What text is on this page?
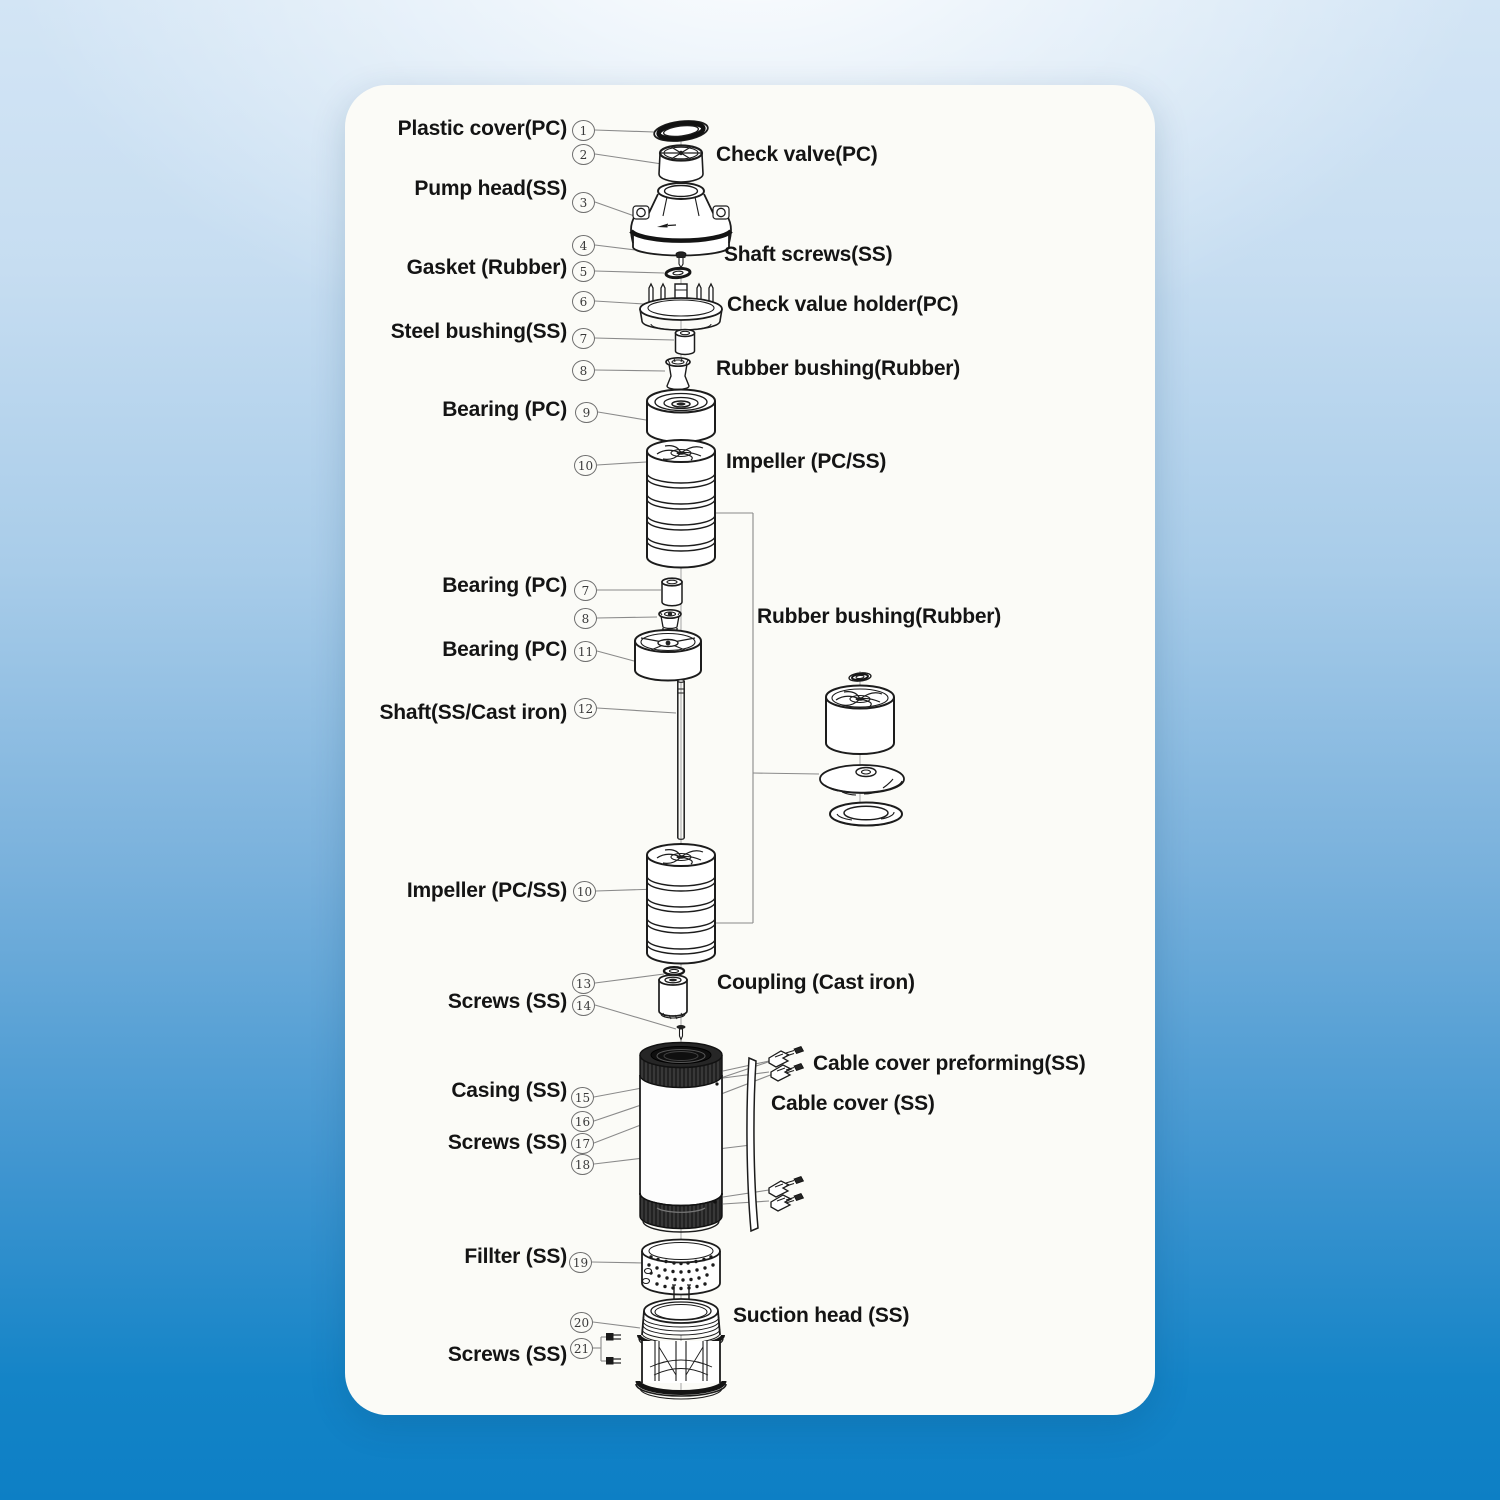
Plastic cover(PC)
Pump head(SS)
Gasket (Rubber)
Steel bushing(SS)
Bearing (PC)
Bearing (PC)
Bearing (PC)
Shaft(SS/Cast iron)
Impeller (PC/SS)
Screws (SS)
Casing (SS)
Screws (SS)
Fillter (SS)
Screws (SS)
Check valve(PC)
Shaft screws(SS)
Check value holder(PC)
Rubber bushing(Rubber)
Impeller (PC/SS)
Rubber bushing(Rubber)
Coupling (Cast iron)
Cable cover preforming(SS)
Cable cover (SS)
Suction head (SS)
1
2
3
4
5
6
7
8
9
10
7
8
11
12
10
13
14
15
16
17
18
19
20
21
